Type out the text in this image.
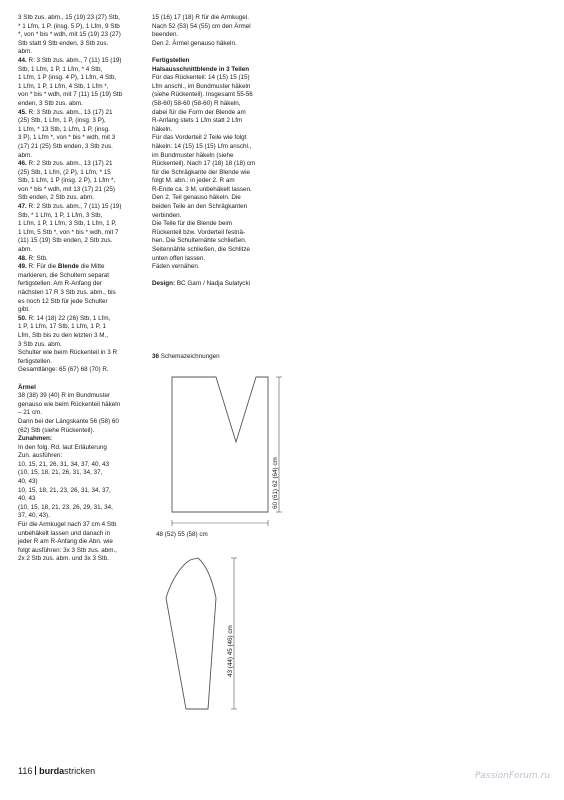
3 Stb zus. abm., 15 (19) 23 (27) Stb,

* 1 Lfm, 1 P. (insg. 5 P), 1 Lfm, 9 Stb

*, von * bis * wdh, mit 15 (19) 23 (27)

Stb statt 9 Stb enden, 3 Stb zus.

abm.

44. R: 3 Stb zus. abm., 7 (11) 15 (19)

Stb, 1 Lfm, 1 P, 1 Lfm, * 4 Stb,

1 Lfm, 1 P (insg. 4 P), 1 Lfm, 4 Stb,

1 Lfm, 1 P, 1 Lfm, 4 Stb, 1 Lfm *,

von * bis * wdh, mit 7 (11) 15 (19) Stb

enden, 3 Stb zus. abm.

45. R: 3 Stb zus. abm., 13 (17) 21

(25) Stb, 1 Lfm, 1 P, (insg. 3 P),

1 Lfm, * 13 Stb, 1 Lfm, 1 P, (insg.

3 P), 1 Lfm *, von * bis * wdh, mit 3

(17) 21 (25) Stb enden, 3 Stb zus.

abm.

46. R: 2 Stb zus. abm., 13 (17) 21

(25) Stb, 1 Lfm, (2 P), 1 Lfm, * 15

Stb, 1 Lfm, 1 P (insg. 2 P), 1 Lfm *,

von * bis * wdh, mit 13 (17) 21 (25)

Stb enden, 2 Stb zus. abm.

47. R: 2 Stb zus. abm., 7 (11) 15 (19)

Stb, * 1 Lfm, 1 P, 1 Lfm, 3 Stb,

1 Lfm, 1 P, 1 Lfm, 3 Stb, 1 Lfm, 1 P,

1 Lfm, 5 Stb *, von * bis * wdh, mit 7

(11) 15 (19) Stb enden, 2 Stb zus.

abm.

48. R: Stb.

49. R: Für die Blende die Mitte

markieren, die Schultern separat

fertigstellen. Am R-Anfang der

nächsten 17 R 3 Stb zus. abm., bis

es noch 12 Stb für jede Schulter

gibt.

50. R: 14 (18) 22 (26) Stb, 1 Lfm,

1 P, 1 Lfm, 17 Stb, 1 Lfm, 1 P, 1

Lfm, Stb bis zu den letzten 3 M.,

3 Stb zus. abm.

Schulter wie beim Rückenteil in 3 R

fertigstellen.

Gesamtlänge: 65 (67) 68 (70) R.

Ärmel

38 (38) 39 (40) R im Bundmuster

genauso wie beim Rückenteil häkeln

– 21 cm.

Dann bei der Längskante 56 (58) 60

(62) Stb (siehe Rückenteil).

Zunahmen:

In den folg. Rd. laut Erläuterung

Zun. ausführen:

10, 15, 21, 26, 31, 34, 37, 40, 43

(10, 15, 18, 21, 26, 31, 34, 37,

40, 43)

10, 15, 18, 21, 23, 26, 31, 34, 37,

40, 43

(10, 15, 18, 21, 23, 26, 29, 31, 34,

37, 40, 43).

Für die Armkugel nach 37 cm 4 Stb

unbehäkelt lassen und danach in

jeder R am R-Anfang die Abn. wie

folgt ausführen: 3x 3 Stb zus. abm.,

2x 2 Stb zus. abm. und 3x 3 Stb.

15 (16) 17 (18) R für die Armkugel.

Nach 52 (53) 54 (55) cm den Ärmel

beenden.

Den 2. Ärmel genauso häkeln.

Fertigstellen

Halsausschnittblende in 3 Teilen

Für das Rückenteil: 14 (15) 15 (15)

Lfm anschl., im Bundmuster häkeln

(siehe Rückenteil). Insgesamt 55-56

(58-60) 58-60 (58-60) R häkeln,

dabei für die Form der Blende am

R-Anfang stets 1 Lfm statt 2 Lfm

häkeln.

Für das Vorderteil 2 Teile wie folgt

häkeln: 14 (15) 15 (15) Lfm anschl.,

im Bundmuster häkeln (siehe

Rückenteil). Nach 17 (18) 18 (18) cm

für die Schrägkante der Blende wie

folgt M. abn.: in jeder 2. R am

R-Ende ca. 3 M. unbehäkelt lassen.

Den 2. Teil genauso häkeln. Die

beiden Teile an den Schrägkanten

verbinden.

Die Teile für die Blende beim

Rückenteil bzw. Vorderteil festnä-

hen. Die Schulternähte schließen.

Seitennähte schließen, die Schlitze

unten offen lassen.

Fäden vernähen.

Design: BC Garn / Nadja Sulatycki

36 Schemazeichnungen
48 (52) 55 (58) cm
60 (61) 62 (64) cm
43 (44) 45 (46) cm
116 burdastricken	PassionForum.ru
